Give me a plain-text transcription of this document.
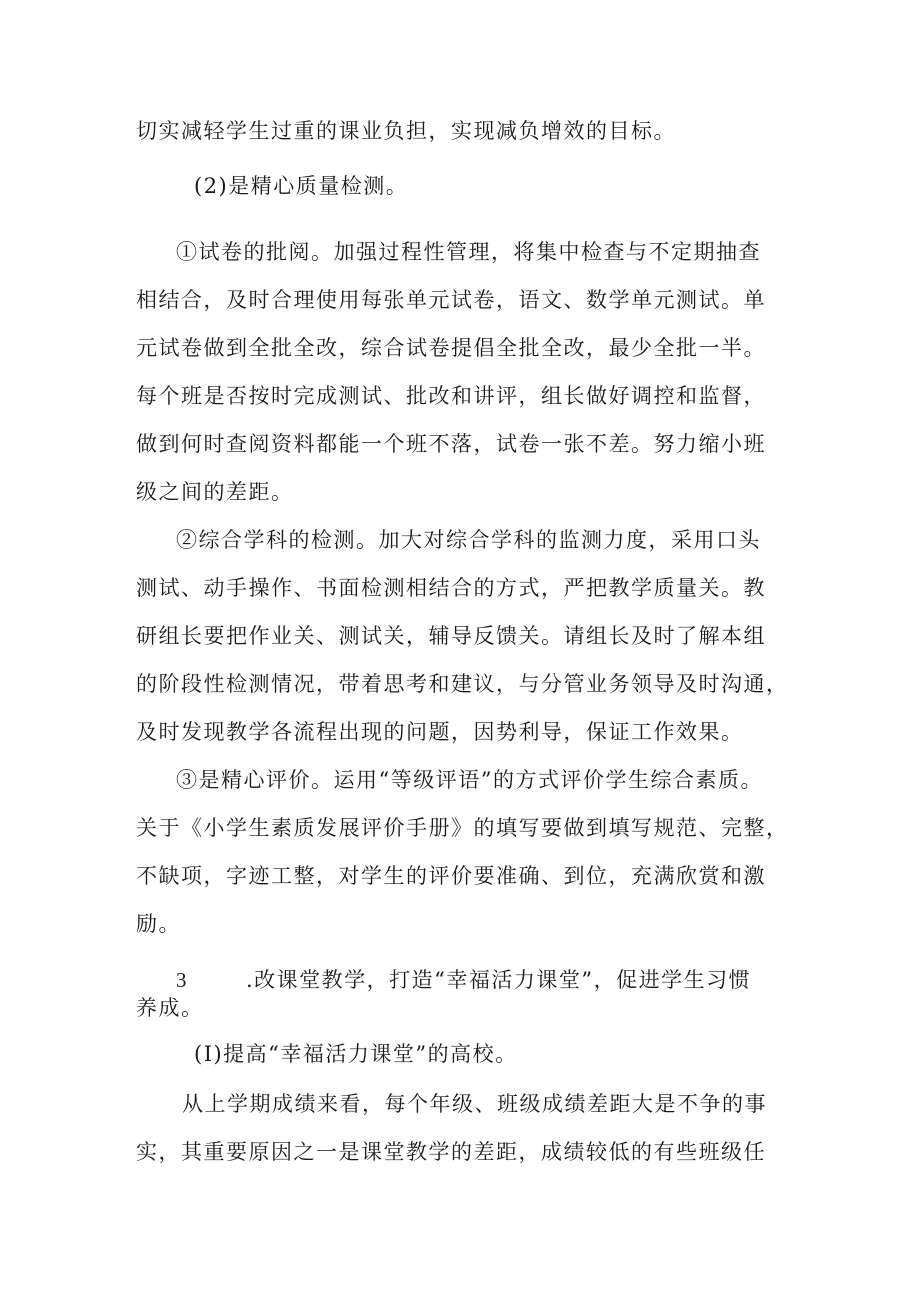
切实减轻学生过重的课业负担，实现减负增效的目标。
(2)是精心质量检测。
①试卷的批阅。加强过程性管理，将集中检查与不定期抽查
相结合，及时合理使用每张单元试卷，语文、数学单元测试。单
元试卷做到全批全改，综合试卷提倡全批全改，最少全批一半。
每个班是否按时完成测试、批改和讲评，组长做好调控和监督，
做到何时查阅资料都能一个班不落，试卷一张不差。努力缩小班
级之间的差距。
②综合学科的检测。加大对综合学科的监测力度，采用口头
测试、动手操作、书面检测相结合的方式，严把教学质量关。教
研组长要把作业关、测试关，辅导反馈关。请组长及时了解本组
的阶段性检测情况，带着思考和建议，与分管业务领导及时沟通，
及时发现教学各流程出现的问题，因势利导，保证工作效果。
③是精心评价。运用“等级评语”的方式评价学生综合素质。
关于《小学生素质发展评价手册》的填写要做到填写规范、完整，
不缺项，字迹工整，对学生的评价要准确、到位，充满欣赏和激
励。
3	.改课堂教学，打造“幸福活力课堂”，促进学生习惯
养成。
(I)提高“幸福活力课堂”的高校。
从上学期成绩来看，每个年级、班级成绩差距大是不争的事
实，其重要原因之一是课堂教学的差距，成绩较低的有些班级任
